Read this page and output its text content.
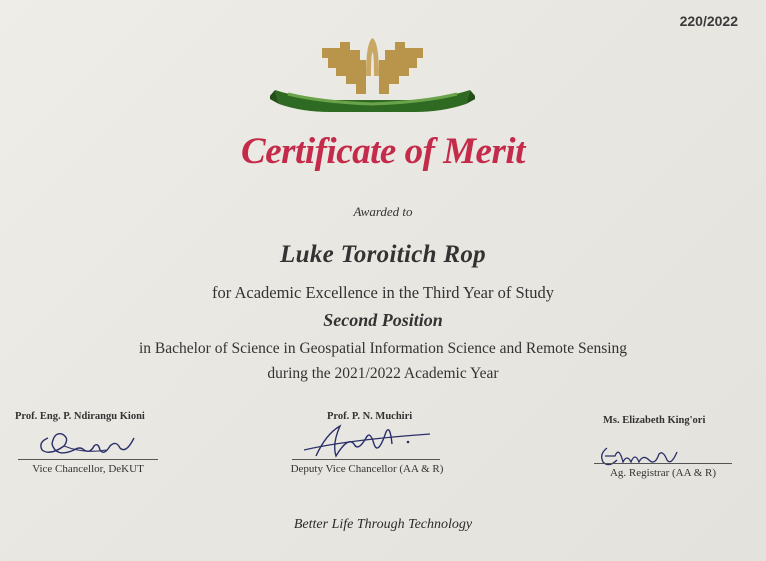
220/2022
Certificate of Merit
Awarded to
Luke Toroitich Rop
for Academic Excellence in the Third Year of Study
Second Position
in Bachelor of Science in Geospatial Information Science and Remote Sensing
during the 2021/2022 Academic Year
Prof. Eng. P. Ndirangu Kioni
Vice Chancellor, DeKUT
Prof. P. N. Muchiri
Deputy Vice Chancellor (AA & R)
Ms. Elizabeth King'ori
Ag. Registrar (AA & R)
Better Life Through Technology
